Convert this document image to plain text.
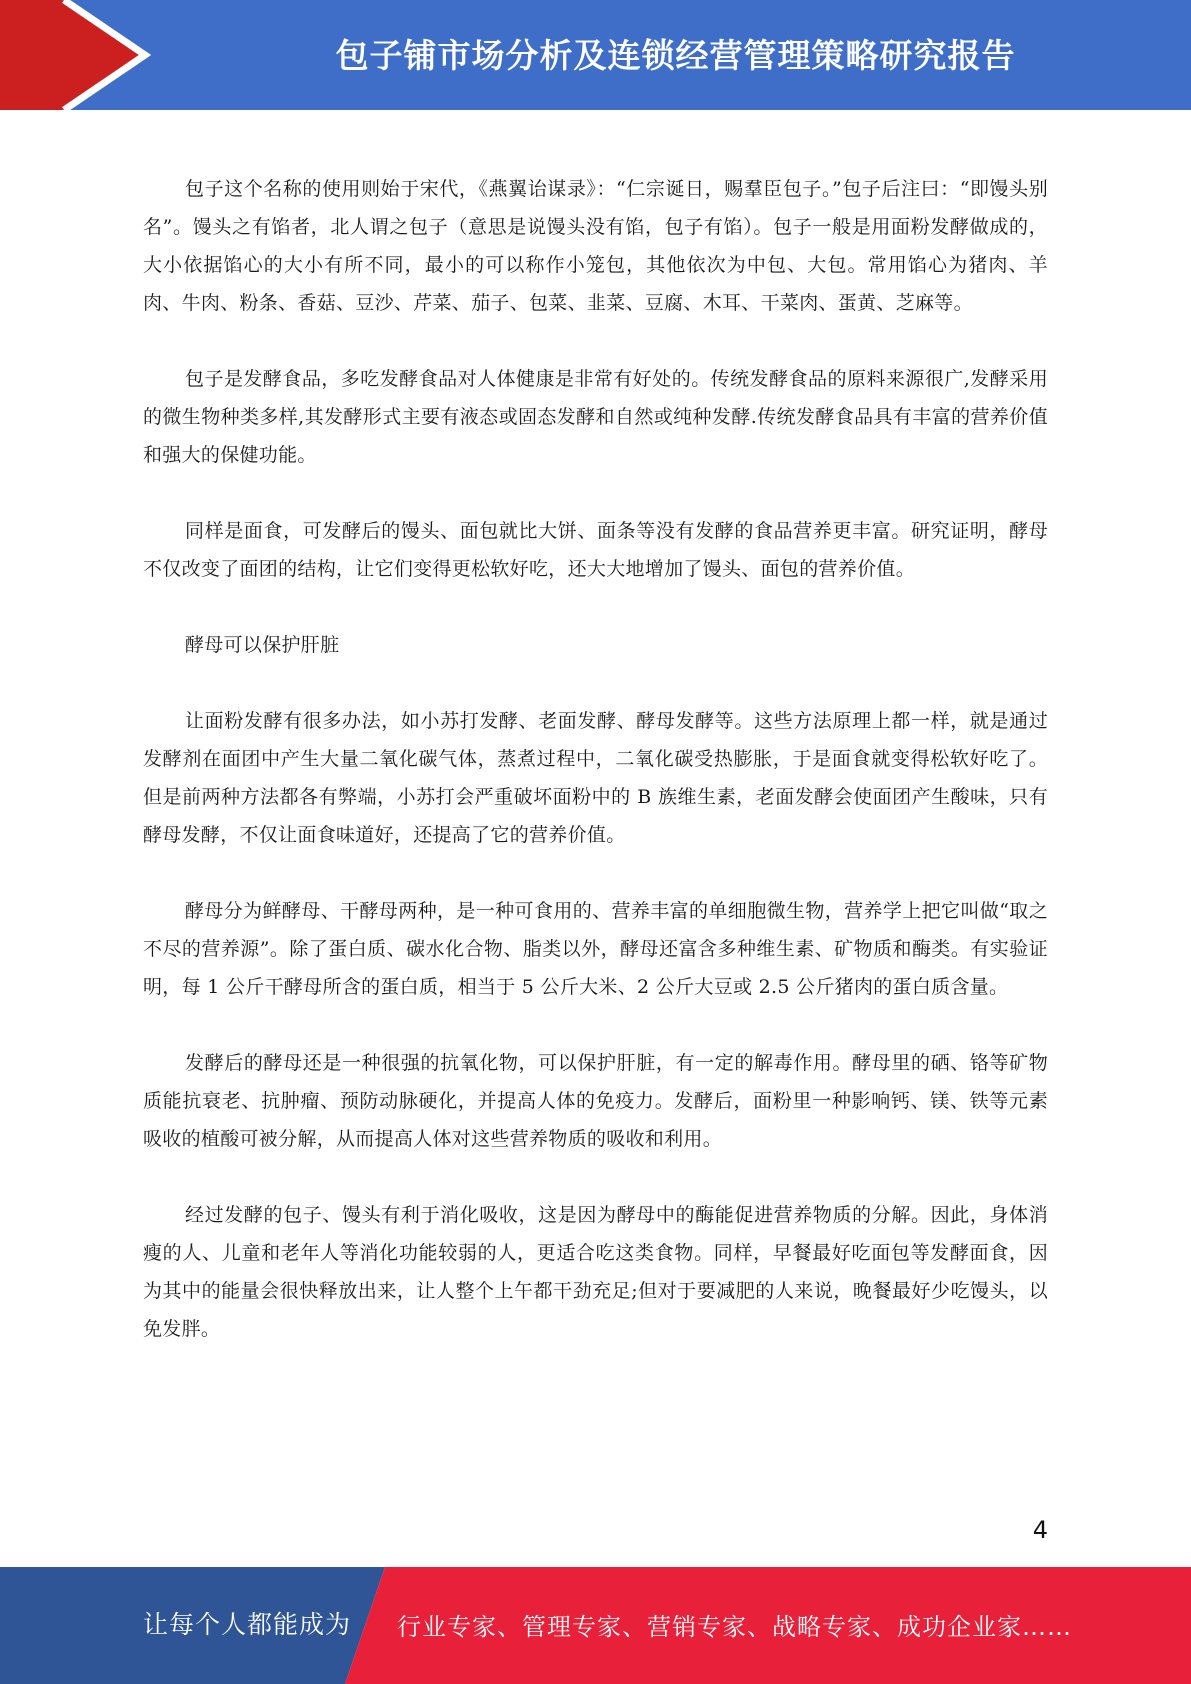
包子铺市场分析及连锁经营管理策略研究报告

包子这个名称的使用则始于宋代，《燕翼诒谋录》：“仁宗诞日，赐羣臣包子。”包子后注曰：“即馒头别名”。馒头之有馅者，北人谓之包子（意思是说馒头没有馅，包子有馅）。包子一般是用面粉发酵做成的，大小依据馅心的大小有所不同，最小的可以称作小笼包，其他依次为中包、大包。常用馅心为猪肉、羊肉、牛肉、粉条、香菇、豆沙、芹菜、茄子、包菜、韭菜、豆腐、木耳、干菜肉、蛋黄、芝麻等。

包子是发酵食品，多吃发酵食品对人体健康是非常有好处的。传统发酵食品的原料来源很广,发酵采用的微生物种类多样,其发酵形式主要有液态或固态发酵和自然或纯种发酵.传统发酵食品具有丰富的营养价值和强大的保健功能。

同样是面食，可发酵后的馒头、面包就比大饼、面条等没有发酵的食品营养更丰富。研究证明，酵母不仅改变了面团的结构，让它们变得更松软好吃，还大大地增加了馒头、面包的营养价值。

酵母可以保护肝脏

让面粉发酵有很多办法，如小苏打发酵、老面发酵、酵母发酵等。这些方法原理上都一样，就是通过发酵剂在面团中产生大量二氧化碳气体，蒸煮过程中，二氧化碳受热膨胀，于是面食就变得松软好吃了。但是前两种方法都各有弊端，小苏打会严重破坏面粉中的 B 族维生素，老面发酵会使面团产生酸味，只有酵母发酵，不仅让面食味道好，还提高了它的营养价值。

酵母分为鲜酵母、干酵母两种，是一种可食用的、营养丰富的单细胞微生物，营养学上把它叫做“取之不尽的营养源”。除了蛋白质、碳水化合物、脂类以外，酵母还富含多种维生素、矿物质和酶类。有实验证明，每 1 公斤干酵母所含的蛋白质，相当于 5 公斤大米、2 公斤大豆或 2.5 公斤猪肉的蛋白质含量。

发酵后的酵母还是一种很强的抗氧化物，可以保护肝脏，有一定的解毒作用。酵母里的硒、铬等矿物质能抗衰老、抗肿瘤、预防动脉硬化，并提高人体的免疫力。发酵后，面粉里一种影响钙、镁、铁等元素吸收的植酸可被分解，从而提高人体对这些营养物质的吸收和利用。

经过发酵的包子、馒头有利于消化吸收，这是因为酵母中的酶能促进营养物质的分解。因此，身体消瘦的人、儿童和老年人等消化功能较弱的人，更适合吃这类食物。同样，早餐最好吃面包等发酵面食，因为其中的能量会很快释放出来，让人整个上午都干劲充足;但对于要减肥的人来说，晚餐最好少吃馒头，以免发胖。

4
让每个人都能成为 行业专家、管理专家、营销专家、战略专家、成功企业家……
